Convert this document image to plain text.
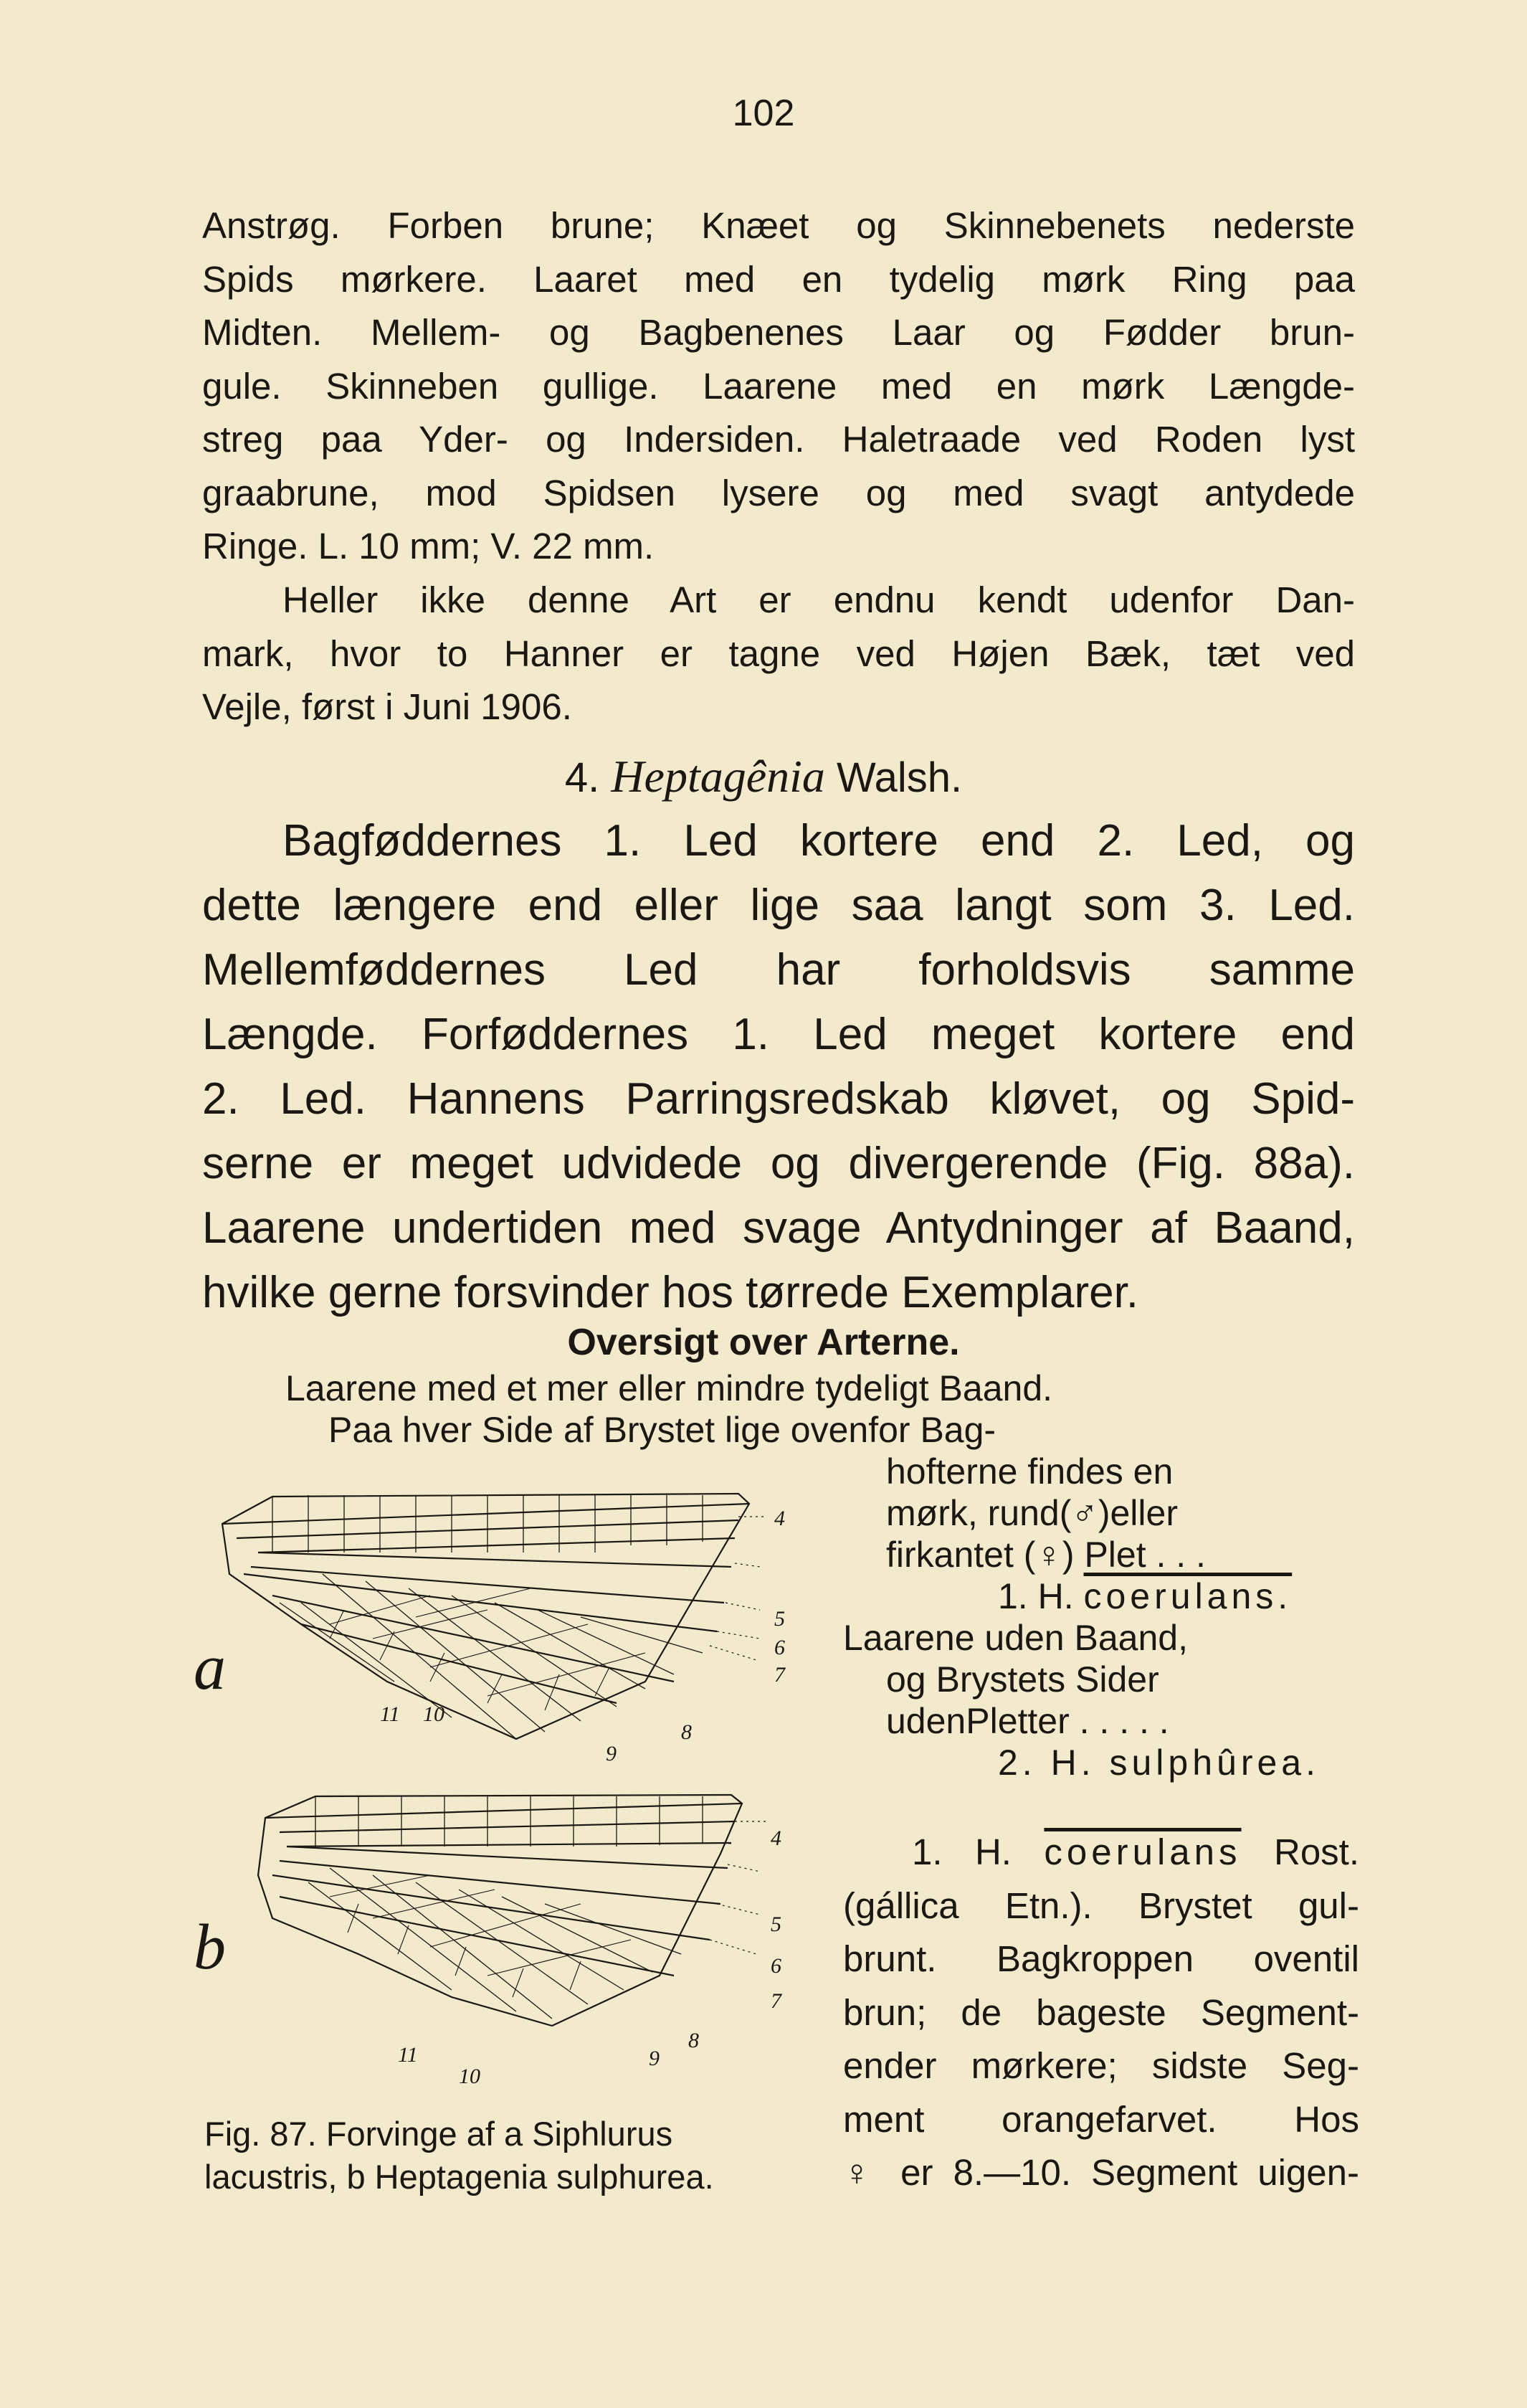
102
Anstrøg. Forben brune; Knæet og Skinnebenets nederste
Spids mørkere. Laaret med en tydelig mørk Ring paa
Midten. Mellem- og Bagbenenes Laar og Fødder brun-
gule. Skinneben gullige. Laarene med en mørk Længde-
streg paa Yder- og Indersiden. Haletraade ved Roden lyst
graabrune, mod Spidsen lysere og med svagt antydede
Ringe. L. 10 mm; V. 22 mm.
Heller ikke denne Art er endnu kendt udenfor Dan-
mark, hvor to Hanner er tagne ved Højen Bæk, tæt ved
Vejle, først i Juni 1906.
4. Heptagênia Walsh.
Bagføddernes 1. Led kortere end 2. Led, og
dette længere end eller lige saa langt som 3. Led.
Mellemføddernes Led har forholdsvis samme
Længde. Forføddernes 1. Led meget kortere end
2. Led. Hannens Parringsredskab kløvet, og Spid-
serne er meget udvidede og divergerende (Fig. 88a).
Laarene undertiden med svage Antydninger af Baand,
hvilke gerne forsvinder hos tørrede Exemplarer.
Oversigt over Arterne.
Laarene med et mer eller mindre tydeligt Baand.
Paa hver Side af Brystet lige ovenfor Bag-
hofterne findes en
mørk, rund(♂)eller
firkantet (♀) Plet . . .
1. H. coerulans.
Laarene uden Baand,
og Brystets Sider
udenPletter . . . . .
2. H. sulphûrea.
a
b
4
5
6
7
8
9
10
11
4
5
6
7
8
9
10
11
Fig. 87. Forvinge af a Siphlurus
lacustris, b Heptagenia sulphurea.
1. H. coerulans Rost.
(gállica Etn.). Brystet gul-
brunt. Bagkroppen oventil
brun; de bageste Segment-
ender mørkere; sidste Seg-
ment orangefarvet. Hos
♀ er 8.—10. Segment uigen-
